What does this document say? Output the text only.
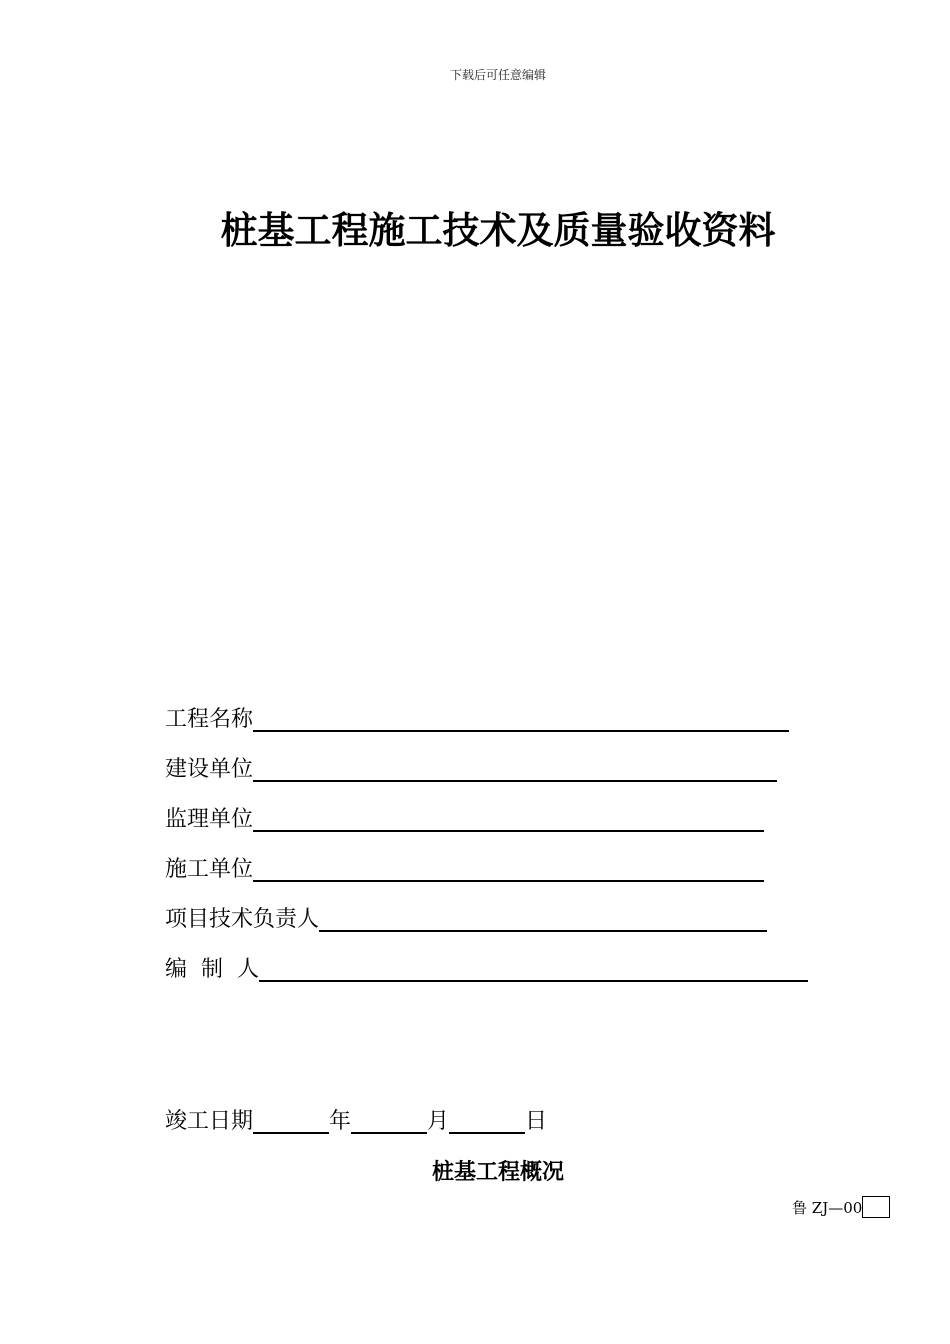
下载后可任意编辑
桩基工程施工技术及质量验收资料
工程名称
建设单位
监理单位
施工单位
项目技术负责人
编  制  人
竣工日期	年	月	日
桩基工程概况
鲁 ZJ—00
